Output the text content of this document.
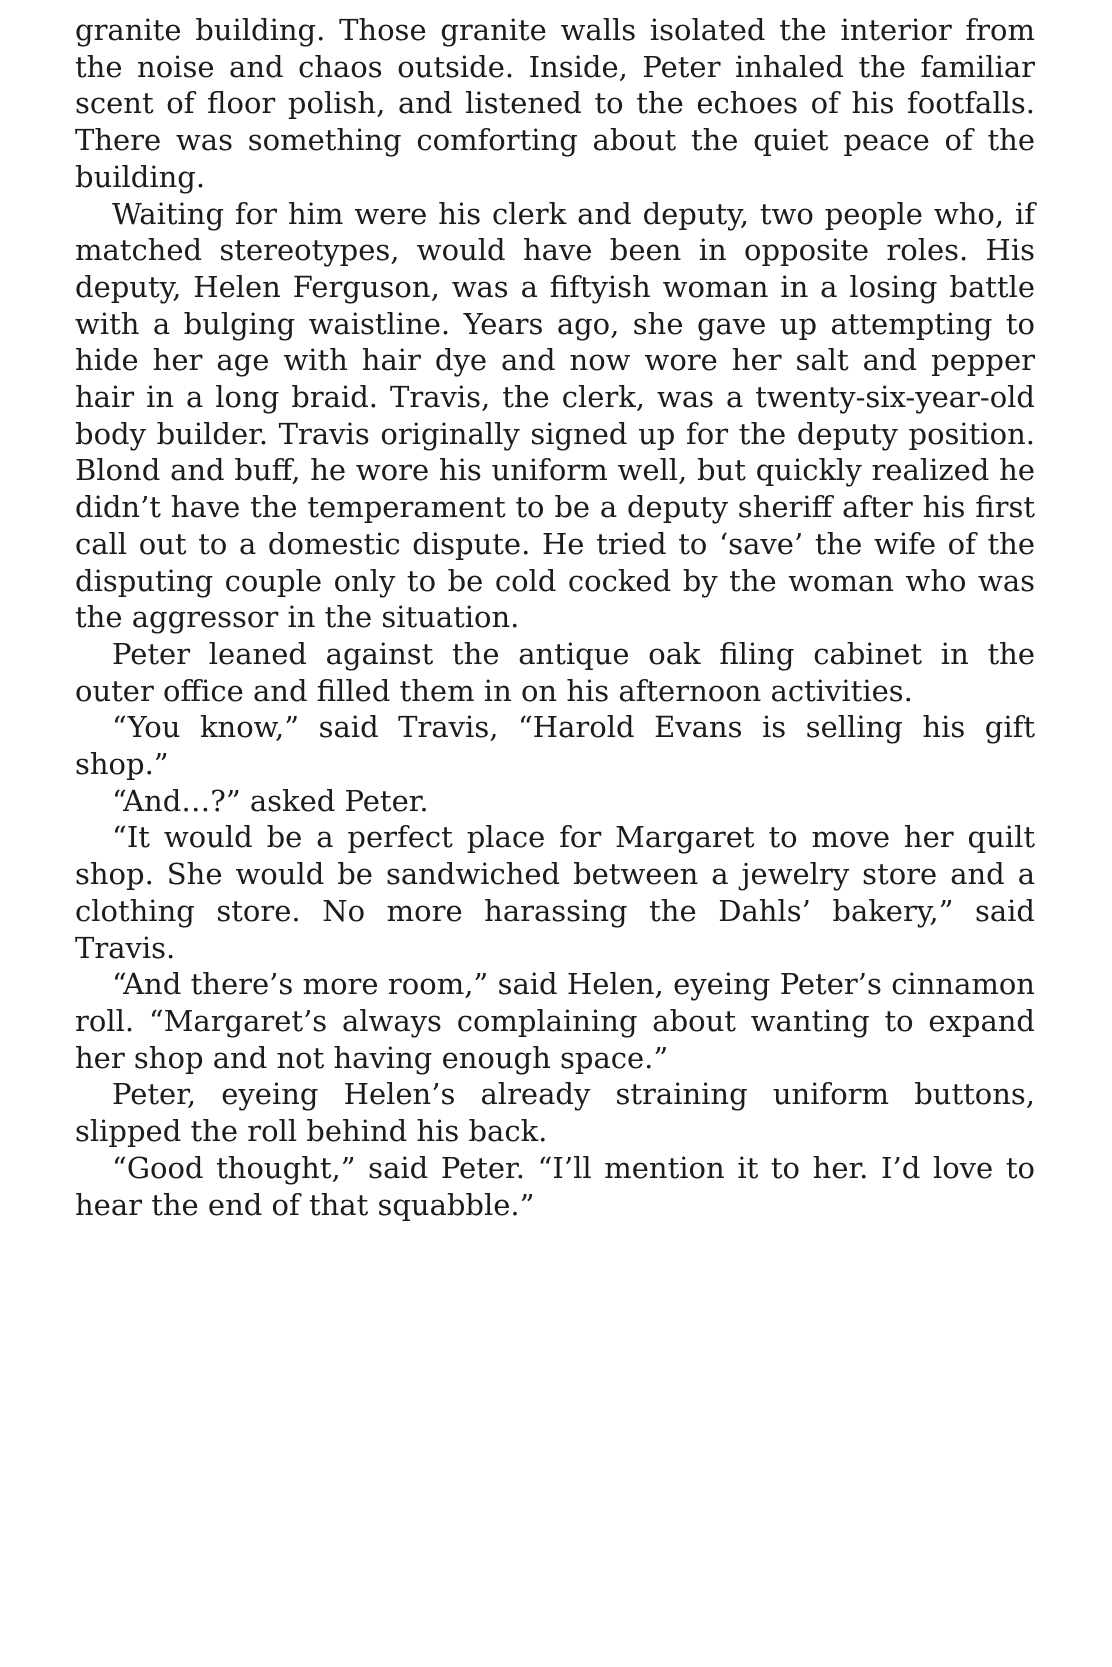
granite building. Those granite walls isolated the interior from the noise and chaos outside. Inside, Peter inhaled the familiar scent of floor polish, and listened to the echoes of his footfalls. There was something comforting about the quiet peace of the building.

Waiting for him were his clerk and deputy, two people who, if matched stereotypes, would have been in opposite roles. His deputy, Helen Ferguson, was a fiftyish woman in a losing battle with a bulging waistline. Years ago, she gave up attempting to hide her age with hair dye and now wore her salt and pepper hair in a long braid. Travis, the clerk, was a twenty-six-year-old body builder. Travis originally signed up for the deputy position. Blond and buff, he wore his uniform well, but quickly realized he didn’t have the temperament to be a deputy sheriff after his first call out to a domestic dispute. He tried to ‘save’ the wife of the disputing couple only to be cold cocked by the woman who was the aggressor in the situation.

Peter leaned against the antique oak filing cabinet in the outer office and filled them in on his afternoon activities.

“You know,” said Travis, “Harold Evans is selling his gift shop.”

“And…?” asked Peter.

“It would be a perfect place for Margaret to move her quilt shop. She would be sandwiched between a jewelry store and a clothing store. No more harassing the Dahls’ bakery,” said Travis.

“And there’s more room,” said Helen, eyeing Peter’s cinnamon roll. “Margaret’s always complaining about wanting to expand her shop and not having enough space.”

Peter, eyeing Helen’s already straining uniform buttons, slipped the roll behind his back.

“Good thought,” said Peter. “I’ll mention it to her. I’d love to hear the end of that squabble.”
